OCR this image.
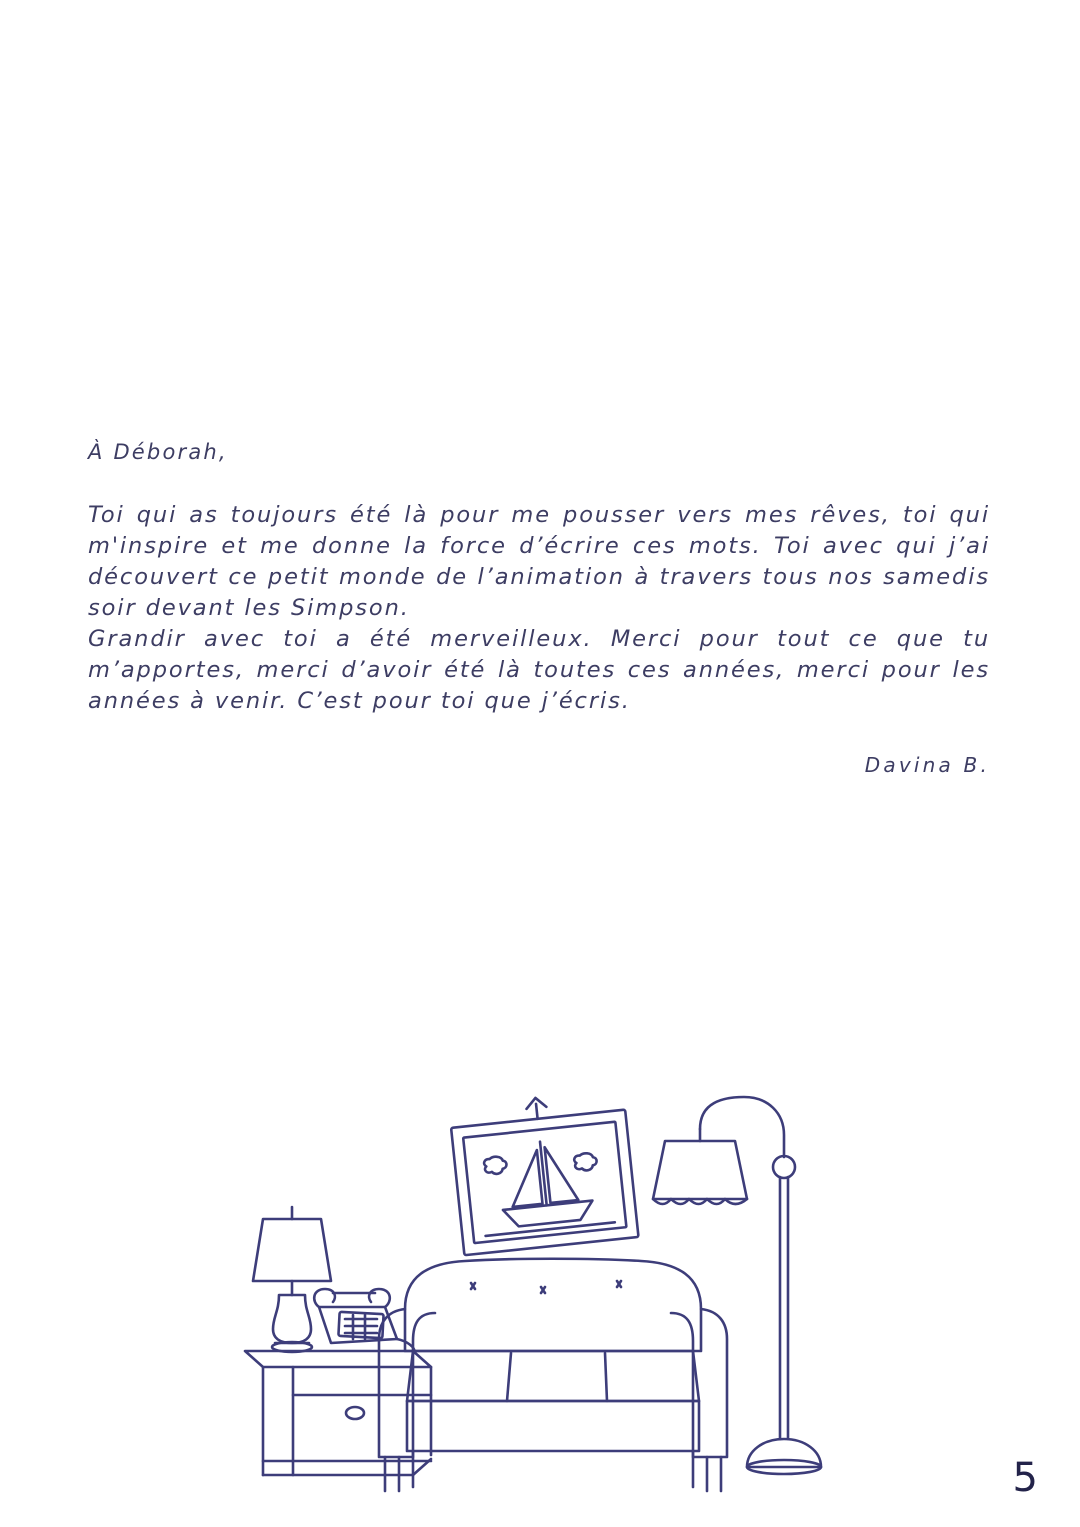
À Déborah,

Toi qui as toujours été là pour me pousser vers mes rêves, toi qui m'inspire et me donne la force d’écrire ces mots. Toi avec qui j’ai découvert ce petit monde de l’animation à travers tous nos samedis soir devant les Simpson.

Grandir avec toi a été merveilleux. Merci pour tout ce que tu m’apportes, merci d’avoir été là toutes ces années, merci pour les années à venir. C’est pour toi que j’écris.

Davina B.
5
